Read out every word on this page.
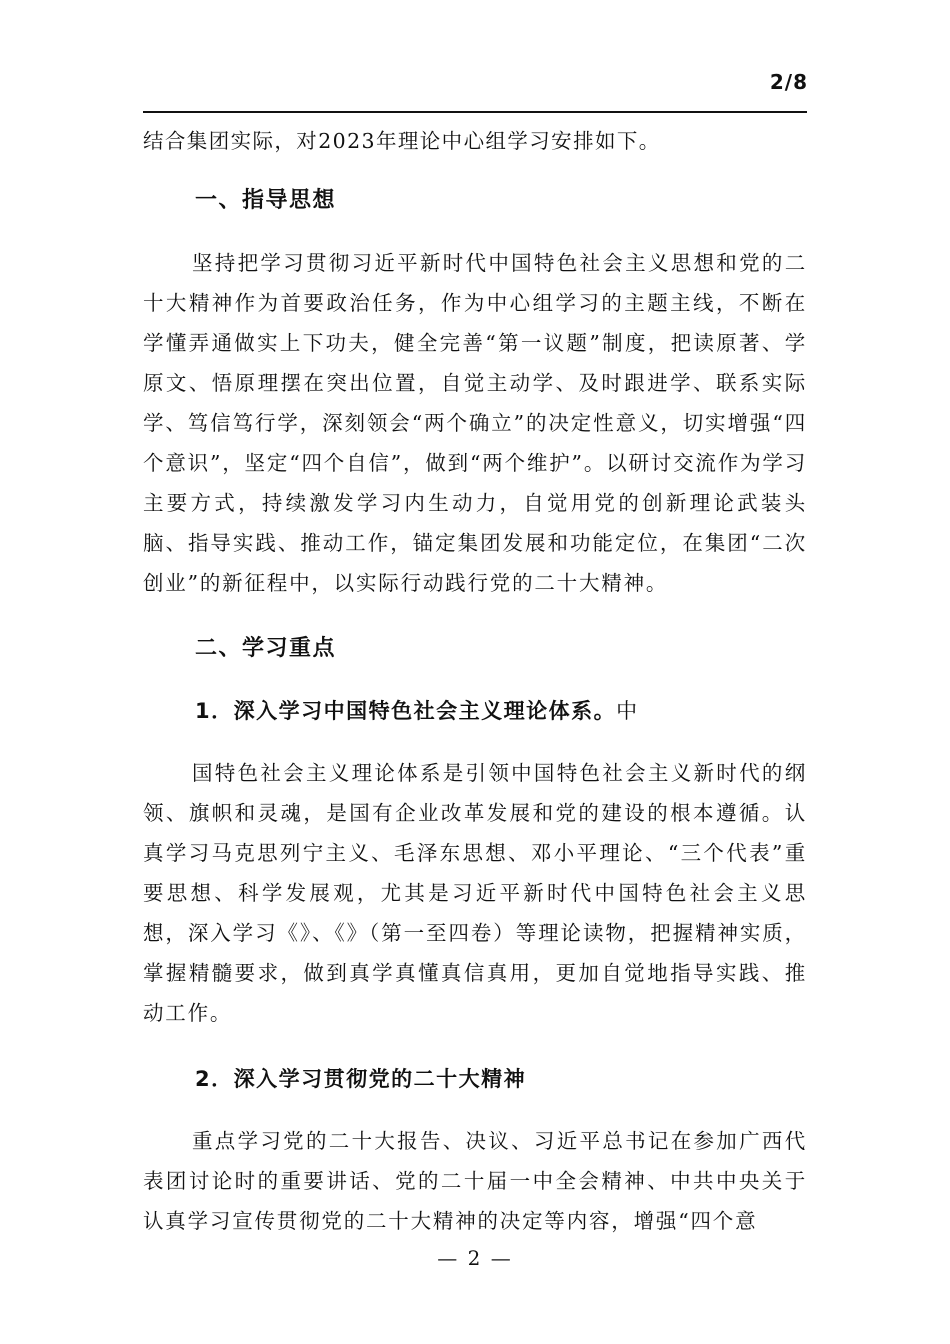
2/8
结合集团实际，对2023年理论中心组学习安排如下。
一、指导思想

坚持把学习贯彻习近平新时代中国特色社会主义思想和党的二十大精神作为首要政治任务，作为中心组学习的主题主线，不断在学懂弄通做实上下功夫，健全完善“第一议题”制度，把读原著、学原文、悟原理摆在突出位置，自觉主动学、及时跟进学、联系实际学、笃信笃行学，深刻领会“两个确立”的决定性意义，切实增强“四个意识”，坚定“四个自信”，做到“两个维护”。以研讨交流作为学习主要方式，持续激发学习内生动力，自觉用党的创新理论武装头脑、指导实践、推动工作，锚定集团发展和功能定位，在集团“二次创业”的新征程中，以实际行动践行党的二十大精神。

二、学习重点
1．深入学习中国特色社会主义理论体系。中

国特色社会主义理论体系是引领中国特色社会主义新时代的纲领、旗帜和灵魂，是国有企业改革发展和党的建设的根本遵循。认真学习马克思列宁主义、毛泽东思想、邓小平理论、“三个代表”重要思想、科学发展观，尤其是习近平新时代中国特色社会主义思想，深入学习《》、《》（第一至四卷）等理论读物，把握精神实质，掌握精髓要求，做到真学真懂真信真用，更加自觉地指导实践、推动工作。

2．深入学习贯彻党的二十大精神

重点学习党的二十大报告、决议、习近平总书记在参加广西代表团讨论时的重要讲话、党的二十届一中全会精神、中共中央关于认真学习宣传贯彻党的二十大精神的决定等内容，增强“四个意

— 2 —
